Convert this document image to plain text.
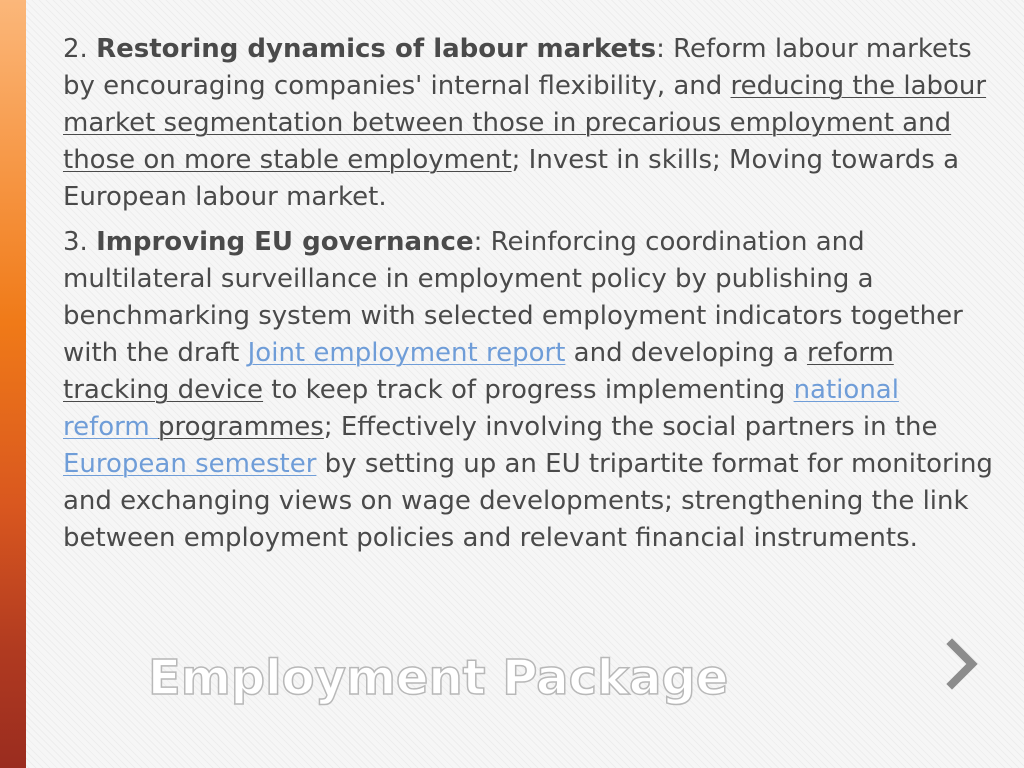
2. Restoring dynamics of labour markets: Reform labour markets by encouraging companies' internal flexibility, and reducing the labour market segmentation between those in precarious employment and those on more stable employment; Invest in skills; Moving towards a European labour market.

3. Improving EU governance: Reinforcing coordination and multilateral surveillance in employment policy by publishing a benchmarking system with selected employment indicators together with the draft Joint employment report and developing a reform tracking device to keep track of progress implementing national reform programmes; Effectively involving the social partners in the European semester by setting up an EU tripartite format for monitoring and exchanging views on wage developments; strengthening the link between employment policies and relevant financial instruments.

Employment Package
